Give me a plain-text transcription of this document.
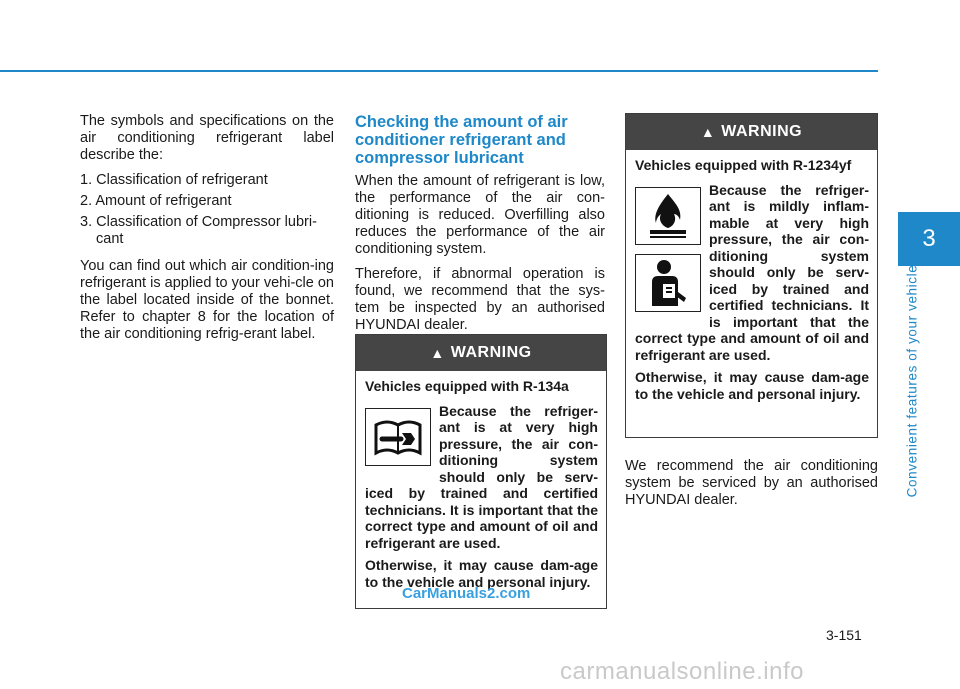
3
Convenient features of your vehicle

The symbols and specifications on the air conditioning refrigerant label describe the:

1. Classification of refrigerant
2. Amount of refrigerant
3. Classification of Compressor lubri-cant

You can find out which air condition-ing refrigerant is applied to your vehi-cle on the label located inside of the bonnet. Refer to chapter 8 for the location of the air conditioning refrig-erant label.

Checking the amount of air conditioner refrigerant and compressor lubricant

When the amount of refrigerant is low, the performance of the air con-ditioning is reduced. Overfilling also reduces the performance of the air conditioning system.

Therefore, if abnormal operation is found, we recommend that the sys-tem be inspected by an authorised HYUNDAI dealer.

▲ WARNING
Vehicles equipped with R-134a

Because the refriger-ant is at very high pressure, the air con-ditioning system should only be serv-iced by trained and certified technicians. It is important that the correct type and amount of oil and refrigerant are used.

Otherwise, it may cause dam-age to the vehicle and personal injury.

▲ WARNING
Vehicles equipped with R-1234yf

Because the refriger-ant is mildly inflam-mable at very high pressure, the air con-ditioning system should only be serv-iced by trained and certified technicians. It is important that the correct type and amount of oil and refrigerant are used.

Otherwise, it may cause dam-age to the vehicle and personal injury.

We recommend the air conditioning system be serviced by an authorised HYUNDAI dealer.

CarManuals2.com
3-151
carmanualsonline.info
